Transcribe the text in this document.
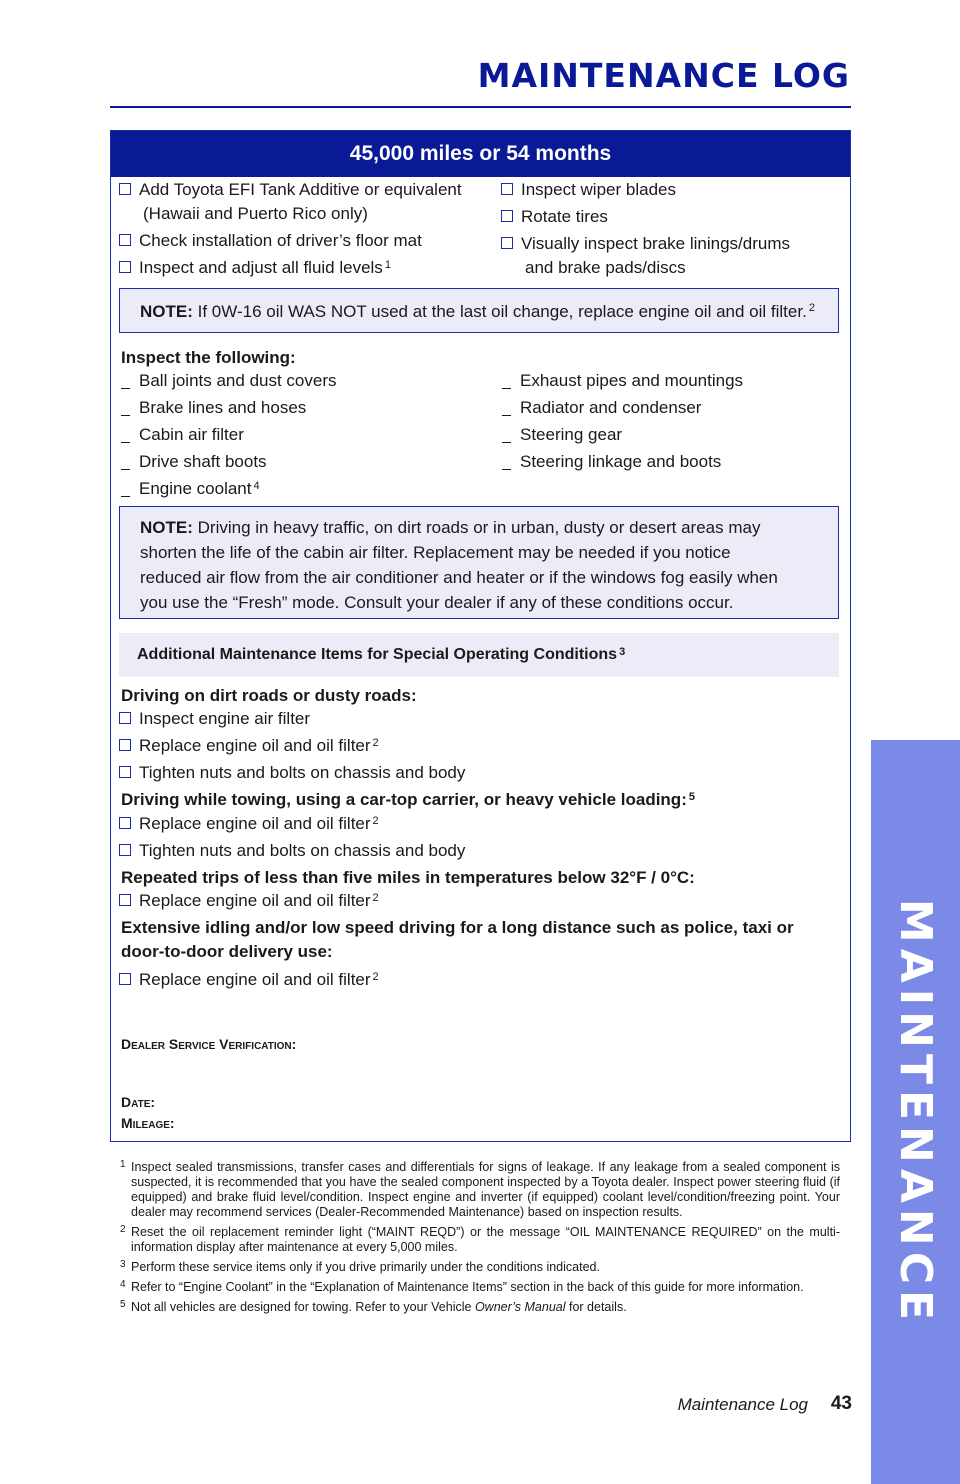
MAINTENANCE LOG
45,000 miles or 54 months
Add Toyota EFI Tank Additive or equivalent
(Hawaii and Puerto Rico only)
Check installation of driver’s floor mat
Inspect and adjust all fluid levels $^1$
Inspect wiper blades
Rotate tires
Visually inspect brake linings/drums
and brake pads/discs
NOTE: If 0W-16 oil WAS NOT used at the last oil change, replace engine oil and oil filter. $^2$
Inspect the following:
Ball joints and dust covers
Brake lines and hoses
Cabin air filter
Drive shaft boots
Engine coolant $^4$
Exhaust pipes and mountings
Radiator and condenser
Steering gear
Steering linkage and boots
NOTE: Driving in heavy traffic, on dirt roads or in urban, dusty or desert areas may
shorten the life of the cabin air filter. Replacement may be needed if you notice
reduced air flow from the air conditioner and heater or if the windows fog easily when
you use the “Fresh” mode. Consult your dealer if any of these conditions occur.
Additional Maintenance Items for Special Operating Conditions $^3$
Driving on dirt roads or dusty roads:
Inspect engine air filter
Replace engine oil and oil filter $^2$
Tighten nuts and bolts on chassis and body
Driving while towing, using a car-top carrier, or heavy vehicle loading: $^5$
Replace engine oil and oil filter $^2$
Tighten nuts and bolts on chassis and body
Repeated trips of less than five miles in temperatures below 32°F / 0°C:
Replace engine oil and oil filter $^2$
Extensive idling and/or low speed driving for a long distance such as police, taxi or
door-to-door delivery use:
Replace engine oil and oil filter $^2$
Dealer Service Verification:
Date:
Mileage:
1 Inspect sealed transmissions, transfer cases and differentials for signs of leakage. If any leakage from a sealed component is suspected, it is recommended that you have the sealed component inspected by a Toyota dealer. Inspect power steering fluid (if equipped) and brake fluid level/condition. Inspect engine and inverter (if equipped) coolant level/condition/freezing point. Your dealer may recommend services (Dealer-Recommended Maintenance) based on inspection results.
2 Reset the oil replacement reminder light (“MAINT REQD”) or the message “OIL MAINTENANCE REQUIRED” on the multi-information display after maintenance at every 5,000 miles.
3 Perform these service items only if you drive primarily under the conditions indicated.
4 Refer to “Engine Coolant” in the “Explanation of Maintenance Items” section in the back of this guide for more information.
5 Not all vehicles are designed for towing. Refer to your Vehicle Owner’s Manual for details.	MAINTENANCE
Maintenance Log 43
